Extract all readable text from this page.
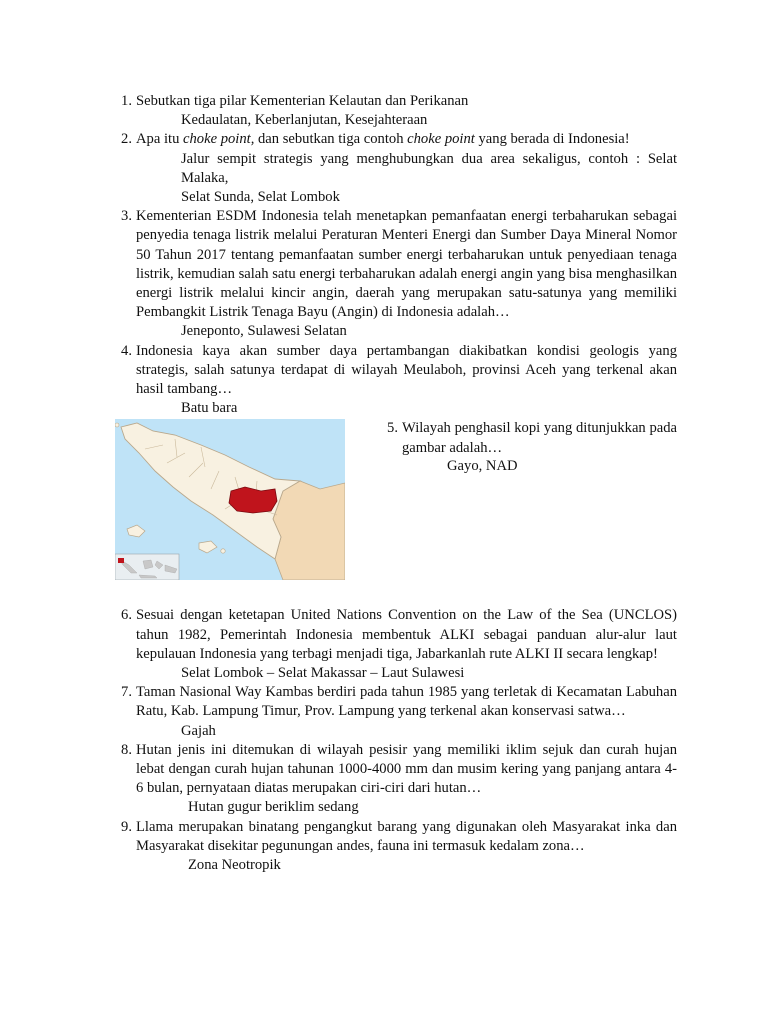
1. Sebutkan tiga pilar Kementerian Kelautan dan Perikanan
Kedaulatan, Keberlanjutan, Kesejahteraan
2. Apa itu choke point, dan sebutkan tiga contoh choke point yang berada di Indonesia!
Jalur sempit strategis yang menghubungkan dua area sekaligus, contoh : Selat Malaka,
Selat Sunda, Selat Lombok
3. Kementerian ESDM Indonesia telah menetapkan pemanfaatan energi terbaharukan sebagai penyedia tenaga listrik melalui Peraturan Menteri Energi dan Sumber Daya Mineral Nomor 50 Tahun 2017 tentang pemanfaatan sumber energi terbaharukan untuk penyediaan tenaga listrik, kemudian salah satu energi terbaharukan adalah energi angin yang bisa menghasilkan energi listrik melalui kincir angin, daerah yang merupakan satu-satunya yang memiliki Pembangkit Listrik Tenaga Bayu (Angin) di Indonesia adalah…
Jeneponto, Sulawesi Selatan
4. Indonesia kaya akan sumber daya pertambangan diakibatkan kondisi geologis yang strategis, salah satunya terdapat di wilayah Meulaboh, provinsi Aceh yang terkenal akan hasil tambang…
Batu bara
5. Wilayah penghasil kopi yang ditunjukkan pada gambar adalah…
Gayo, NAD
6. Sesuai dengan ketetapan United Nations Convention on the Law of the Sea (UNCLOS) tahun 1982, Pemerintah Indonesia membentuk ALKI sebagai panduan alur-alur laut kepulauan Indonesia yang terbagi menjadi tiga, Jabarkanlah rute ALKI II secara lengkap!
Selat Lombok – Selat Makassar – Laut Sulawesi
7. Taman Nasional Way Kambas berdiri pada tahun 1985 yang terletak di Kecamatan Labuhan Ratu, Kab. Lampung Timur, Prov. Lampung yang terkenal akan konservasi satwa…
Gajah
8. Hutan jenis ini ditemukan di wilayah pesisir yang memiliki iklim sejuk dan curah hujan lebat dengan curah hujan tahunan 1000-4000 mm dan musim kering yang panjang antara 4-6 bulan, pernyataan diatas merupakan ciri-ciri dari hutan…
Hutan gugur beriklim sedang
9. Llama merupakan binatang pengangkut barang yang digunakan oleh Masyarakat inka dan Masyarakat disekitar pegunungan andes, fauna ini termasuk kedalam zona…
Zona Neotropik
